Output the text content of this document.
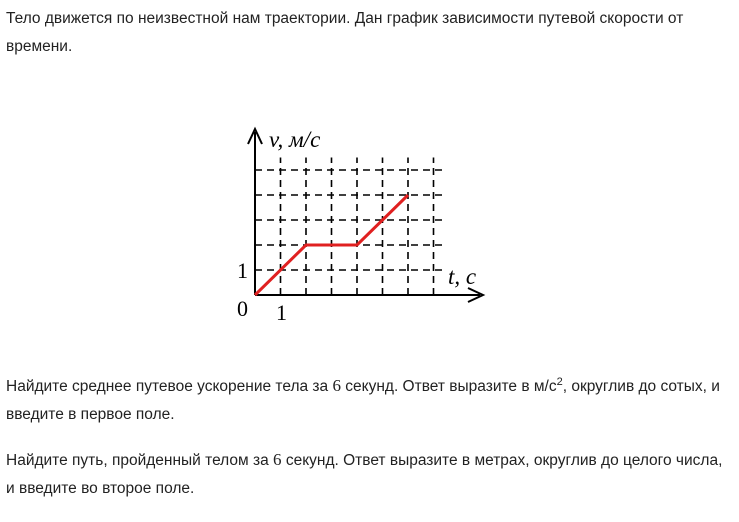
Тело движется по неизвестной нам траектории. Дан график зависимости путевой скорости от времени.

v, м/с
t, с
0
1
1

Найдите среднее путевое ускорение тела за 6 секунд. Ответ выразите в $м/с^2$, округлив до сотых, и введите в первое поле.

Найдите путь, пройденный телом за 6 секунд. Ответ выразите в метрах, округлив до целого числа, и введите во второе поле.
